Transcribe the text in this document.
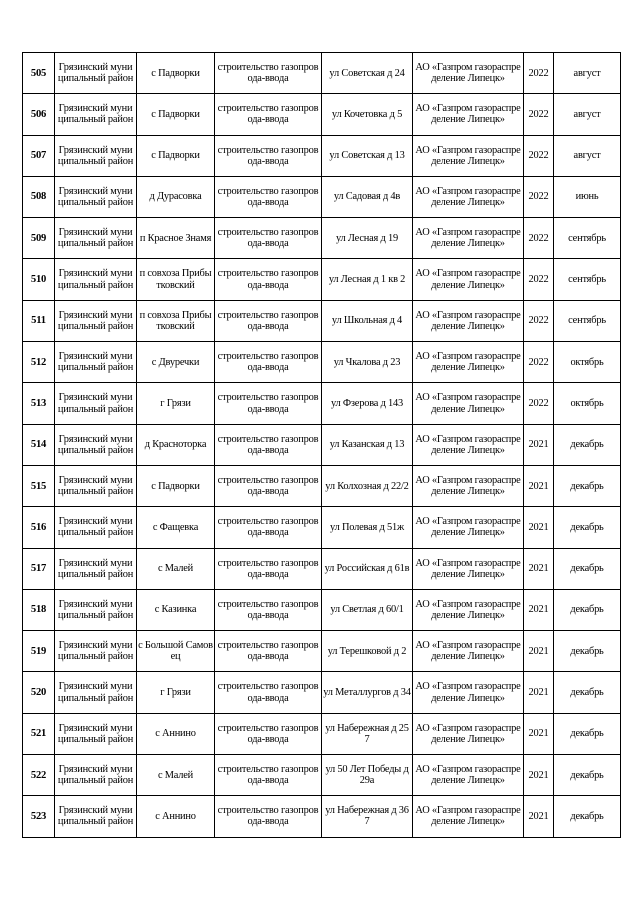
505	Грязинский муниципальный район	с Падворки	строительство газопровода-ввода	ул Советская д 24	АО «Газпром газораспределение Липецк»	2022	август
506	Грязинский муниципальный район	с Падворки	строительство газопровода-ввода	ул Кочетовка д 5	АО «Газпром газораспределение Липецк»	2022	август
507	Грязинский муниципальный район	с Падворки	строительство газопровода-ввода	ул Советская д 13	АО «Газпром газораспределение Липецк»	2022	август
508	Грязинский муниципальный район	д Дурасовка	строительство газопровода-ввода	ул Садовая д 4в	АО «Газпром газораспределение Липецк»	2022	июнь
509	Грязинский муниципальный район	п Красное Знамя	строительство газопровода-ввода	ул Лесная д 19	АО «Газпром газораспределение Липецк»	2022	сентябрь
510	Грязинский муниципальный район	п совхоза Прибытковский	строительство газопровода-ввода	ул Лесная д 1 кв 2	АО «Газпром газораспределение Липецк»	2022	сентябрь
511	Грязинский муниципальный район	п совхоза Прибытковский	строительство газопровода-ввода	ул Школьная д 4	АО «Газпром газораспределение Липецк»	2022	сентябрь
512	Грязинский муниципальный район	с Двуречки	строительство газопровода-ввода	ул Чкалова д 23	АО «Газпром газораспределение Липецк»	2022	октябрь
513	Грязинский муниципальный район	г Грязи	строительство газопровода-ввода	ул Фзерова д 143	АО «Газпром газораспределение Липецк»	2022	октябрь
514	Грязинский муниципальный район	д Красноторка	строительство газопровода-ввода	ул Казанская д 13	АО «Газпром газораспределение Липецк»	2021	декабрь
515	Грязинский муниципальный район	с Падворки	строительство газопровода-ввода	ул Колхозная д 22/2	АО «Газпром газораспределение Липецк»	2021	декабрь
516	Грязинский муниципальный район	с Фащевка	строительство газопровода-ввода	ул Полевая д 51ж	АО «Газпром газораспределение Липецк»	2021	декабрь
517	Грязинский муниципальный район	с Малей	строительство газопровода-ввода	ул Российская д 61в	АО «Газпром газораспределение Липецк»	2021	декабрь
518	Грязинский муниципальный район	с Казинка	строительство газопровода-ввода	ул Светлая д 60/1	АО «Газпром газораспределение Липецк»	2021	декабрь
519	Грязинский муниципальный район	с Большой Самовец	строительство газопровода-ввода	ул Терешковой д 2	АО «Газпром газораспределение Липецк»	2021	декабрь
520	Грязинский муниципальный район	г Грязи	строительство газопровода-ввода	ул Металлургов д 34	АО «Газпром газораспределение Липецк»	2021	декабрь
521	Грязинский муниципальный район	с Аннино	строительство газопровода-ввода	ул Набережная д 257	АО «Газпром газораспределение Липецк»	2021	декабрь
522	Грязинский муниципальный район	с Малей	строительство газопровода-ввода	ул 50 Лет Победы д 29а	АО «Газпром газораспределение Липецк»	2021	декабрь
523	Грязинский муниципальный район	с Аннино	строительство газопровода-ввода	ул Набережная д 367	АО «Газпром газораспределение Липецк»	2021	декабрь
